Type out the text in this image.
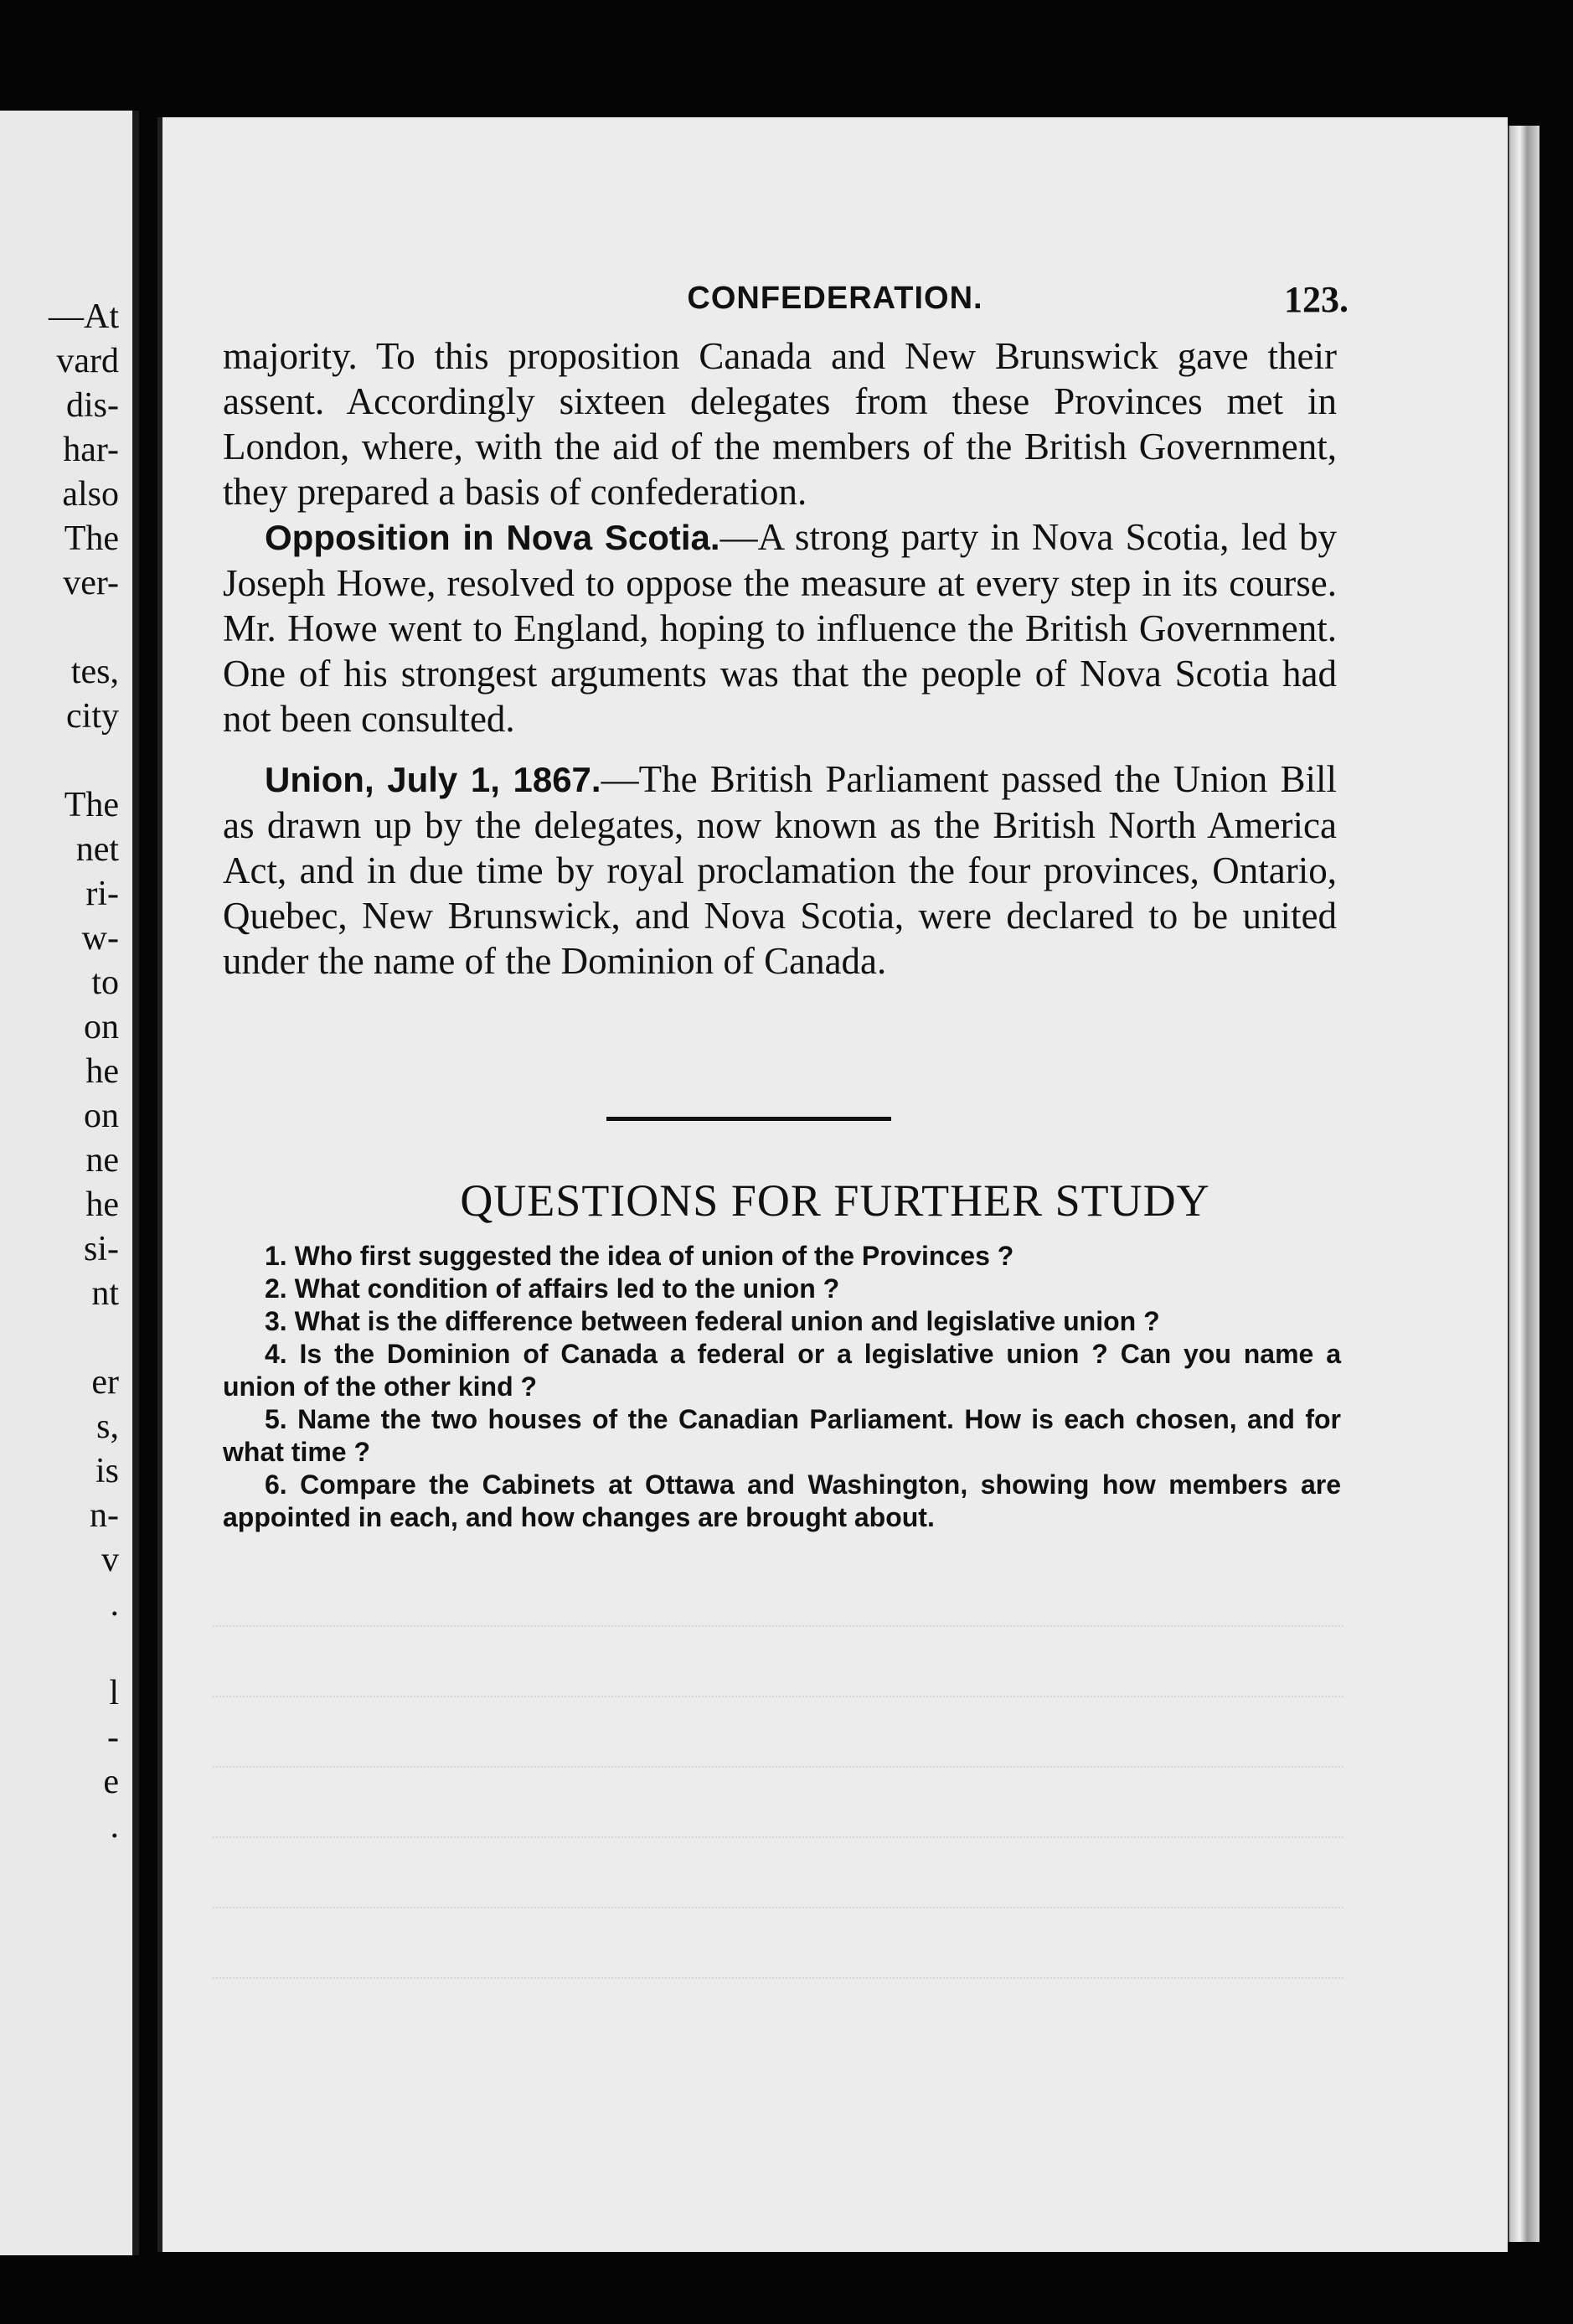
—At
vard
dis-
har-
also
The
ver-
tes,
city
The
net
ri-
w-
to
on
he
on
ne
he
si-
nt
er
s,
is
n-
v
.
l
-
e
.
CONFEDERATION.	123.

majority. To this proposition Canada and New Brunswick gave their assent. Accordingly sixteen delegates from these Provinces met in London, where, with the aid of the members of the British Government, they prepared a basis of confederation.

Opposition in Nova Scotia.—A strong party in Nova Scotia, led by Joseph Howe, resolved to oppose the measure at every step in its course. Mr. Howe went to England, hoping to influence the British Government. One of his strongest arguments was that the people of Nova Scotia had not been consulted.

Union, July 1, 1867.—The British Parliament passed the Union Bill as drawn up by the delegates, now known as the British North America Act, and in due time by royal proclamation the four provinces, Ontario, Quebec, New Brunswick, and Nova Scotia, were declared to be united under the name of the Dominion of Canada.

QUESTIONS FOR FURTHER STUDY
1. Who first suggested the idea of union of the Provinces ?
2. What condition of affairs led to the union ?
3. What is the difference between federal union and legislative union ?
4. Is the Dominion of Canada a federal or a legislative union ? Can you name a union of the other kind ?
5. Name the two houses of the Canadian Parliament. How is each chosen, and for what time ?
6. Compare the Cabinets at Ottawa and Washington, showing how members are appointed in each, and how changes are brought about.
